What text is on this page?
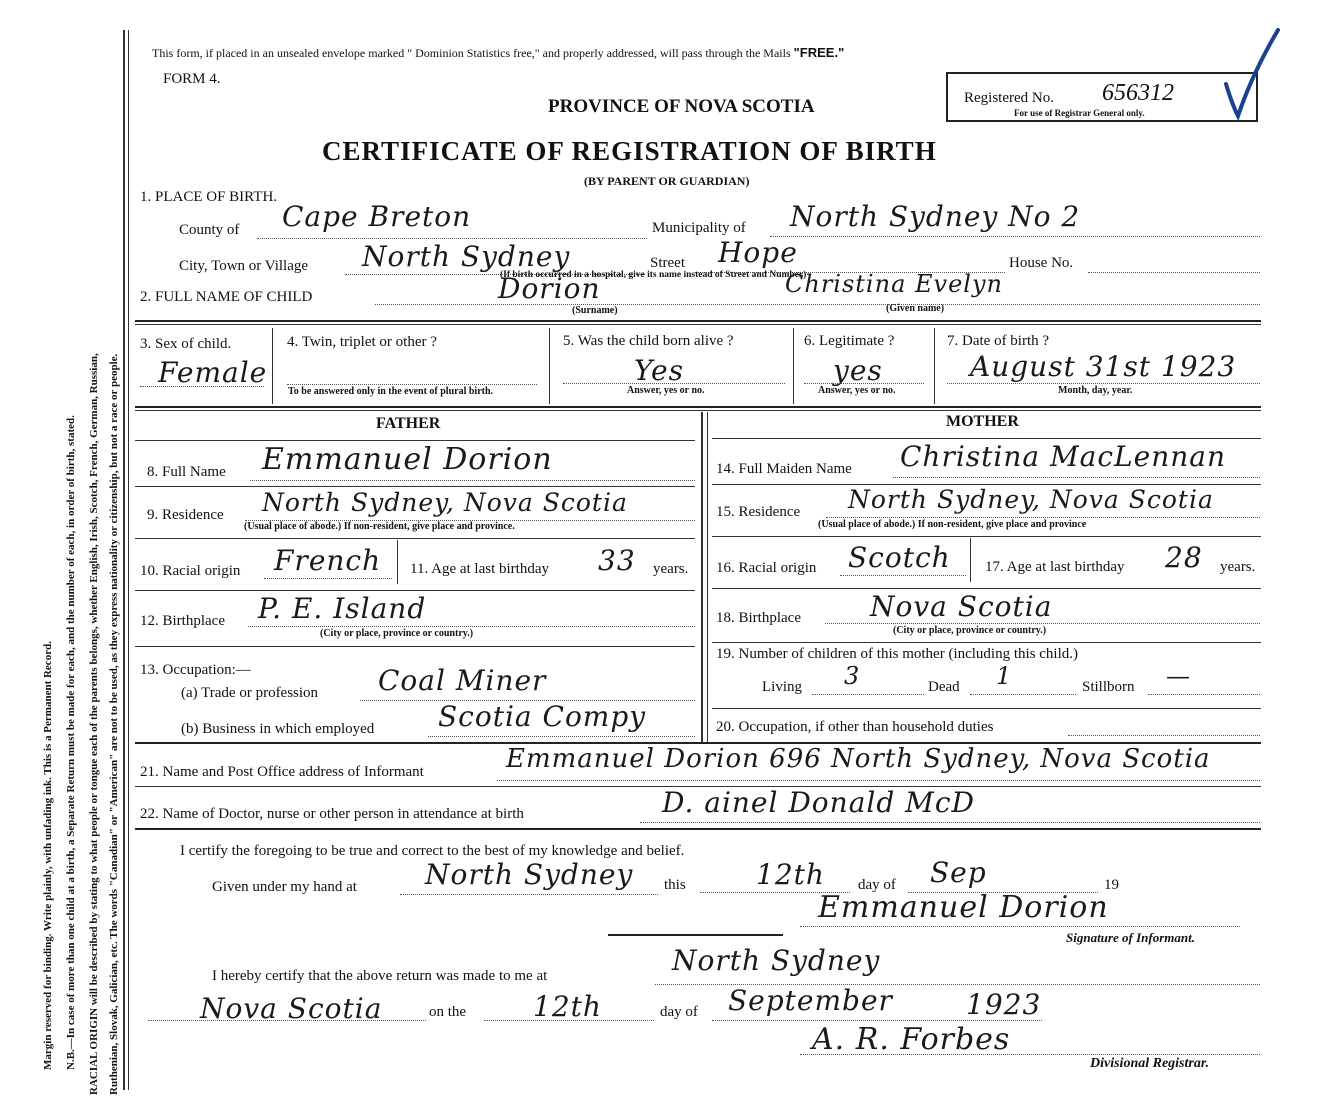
Margin reserved for binding. Write plainly, with unfading ink. This is a Permanent Record. N.B.—In case of more than one child at a birth, a Separate Return must be made for each, and the number of each, in order of birth, stated. RACIAL ORIGIN will be described by stating to what people or tongue each of the parents belongs, whether English, Irish, Scotch, French, German, Russian, Ruthenian, Slovak, Galician, etc. The words "Canadian" or "American" are not to be used, as they express nationality or citizenship, but not a race or people.
This form, if placed in an unsealed envelope marked " Dominion Statistics free," and properly addressed, will pass through the Mails "FREE."
FORM 4.
PROVINCE OF NOVA SCOTIA
CERTIFICATE OF REGISTRATION OF BIRTH
(BY PARENT OR GUARDIAN)
Registered No. 656312
For use of Registrar General only.
1. PLACE OF BIRTH.
County of Cape Breton	Municipality of North Sydney No 2
City, Town or Village North Sydney	Street Hope	House No.
(If birth occurred in a hospital, give its name instead of Street and Number)
2. FULL NAME OF CHILD	Dorion	Christina Evelyn
(Surname)	(Given name)
3. Sex of child.
Female
4. Twin, triplet or other ?
To be answered only in the event of plural birth.
5. Was the child born alive ?
Yes
Answer, yes or no.
6. Legitimate ?
yes
Answer, yes or no.
7. Date of birth ?
August 31st 1923
Month, day, year.
FATHER	MOTHER
8. Full Name Emmanuel Dorion
9. Residence North Sydney, Nova Scotia
(Usual place of abode.) If non-resident, give place and province.
10. Racial origin French 11. Age at last birthday 33 years.
12. Birthplace P. E. Island
(City or place, province or country.)
13. Occupation:—
(a) Trade or profession Coal Miner
(b) Business in which employed Scotia Compy
14. Full Maiden Name Christina MacLennan
15. Residence North Sydney, Nova Scotia
(Usual place of abode.) If non-resident, give place and province
16. Racial origin Scotch 17. Age at last birthday 28 years.
18. Birthplace Nova Scotia
(City or place, province or country.)
19. Number of children of this mother (including this child.)
Living 3	Dead 1	Stillborn —
20. Occupation, if other than household duties
21. Name and Post Office address of Informant	Emmanuel Dorion 696 North Sydney, Nova Scotia
22. Name of Doctor, nurse or other person in attendance at birth	D. ainel Donald McD
I certify the foregoing to be true and correct to the best of my knowledge and belief.
Given under my hand at North Sydney this	12th day of Sep	19
Emmanuel Dorion
Signature of Informant.
I hereby certify that the above return was made to me at	North Sydney
Nova Scotia	on the 12th	day of September	1923
A. R. Forbes
Divisional Registrar.
